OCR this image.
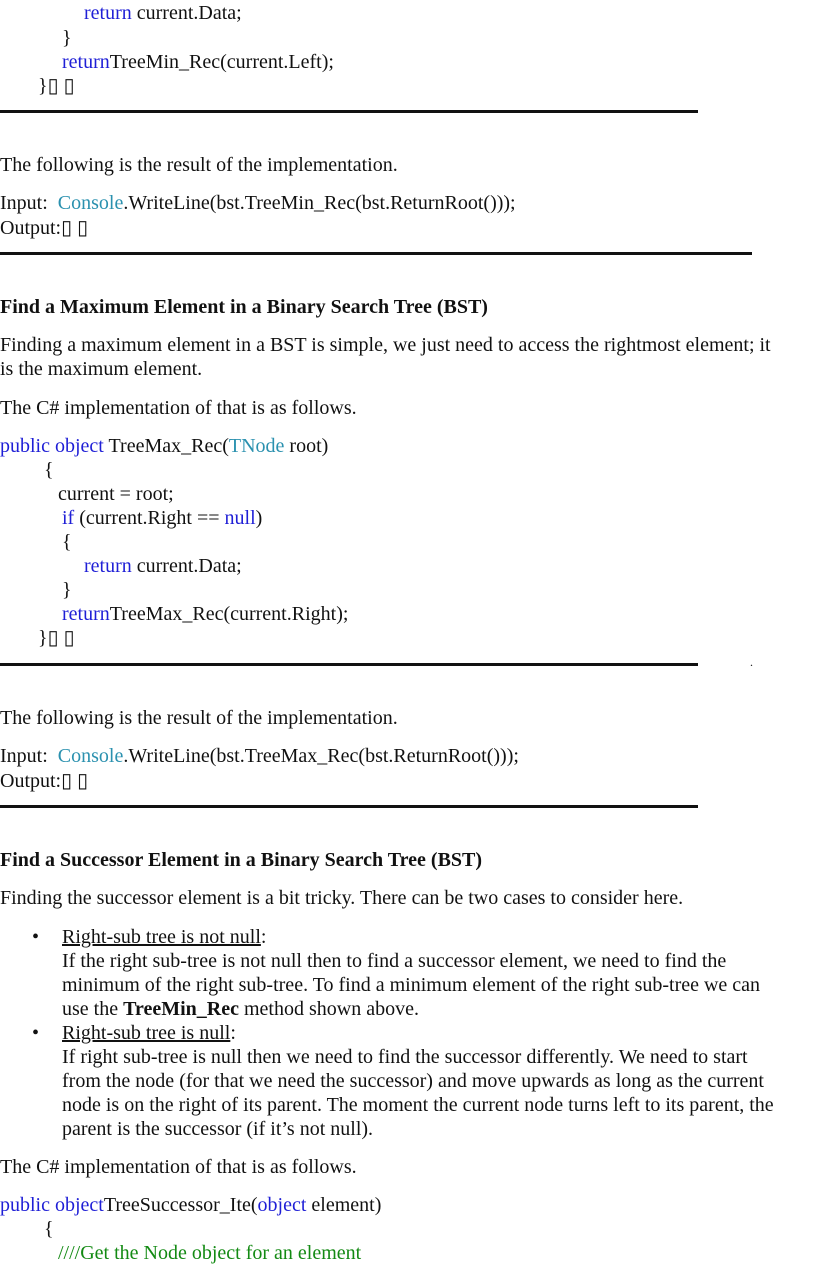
return current.Data;
}
returnTreeMin_Rec(current.Left);
}▯ ▯
The following is the result of the implementation.
Input:  Console.WriteLine(bst.TreeMin_Rec(bst.ReturnRoot()));
Output:▯ ▯
Find a Maximum Element in a Binary Search Tree (BST)
Finding a maximum element in a BST is simple, we just need to access the rightmost element; it
is the maximum element.
The C# implementation of that is as follows.
public object TreeMax_Rec(TNode root)
{
current = root;
if (current.Right == null)
{
return current.Data;
}
returnTreeMax_Rec(current.Right);
}▯ ▯
.
The following is the result of the implementation.
Input:  Console.WriteLine(bst.TreeMax_Rec(bst.ReturnRoot()));
Output:▯ ▯
Find a Successor Element in a Binary Search Tree (BST)
Finding the successor element is a bit tricky. There can be two cases to consider here.
• Right-sub tree is not null:
If the right sub-tree is not null then to find a successor element, we need to find the
minimum of the right sub-tree. To find a minimum element of the right sub-tree we can
use the TreeMin_Rec method shown above.
• Right-sub tree is null:
If right sub-tree is null then we need to find the successor differently. We need to start
from the node (for that we need the successor) and move upwards as long as the current
node is on the right of its parent. The moment the current node turns left to its parent, the
parent is the successor (if it’s not null).
The C# implementation of that is as follows.
public objectTreeSuccessor_Ite(object element)
{
////Get the Node object for an element
